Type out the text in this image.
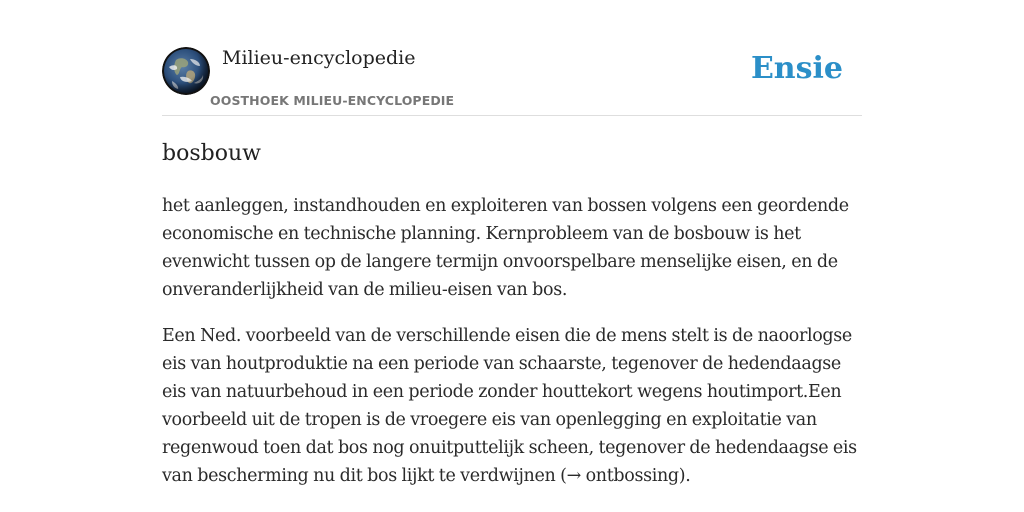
Milieu-encyclopedie
OOSTHOEK MILIEU-ENCYCLOPEDIE
Ensie
bosbouw

het aanleggen, instandhouden en exploiteren van bossen volgens een geordende economische en technische planning. Kernprobleem van de bosbouw is het evenwicht tussen op de langere termijn onvoorspelbare menselijke eisen, en de onveranderlijkheid van de milieu-eisen van bos.

Een Ned. voorbeeld van de verschillende eisen die de mens stelt is de naoorlogse eis van houtproduktie na een periode van schaarste, tegenover de hedendaagse eis van natuurbehoud in een periode zonder houttekort wegens houtimport.Een voorbeeld uit de tropen is de vroegere eis van openlegging en exploitatie van regenwoud toen dat bos nog onuitputtelijk scheen, tegenover de hedendaagse eis van bescherming nu dit bos lijkt te verdwijnen (→ ontbossing).
